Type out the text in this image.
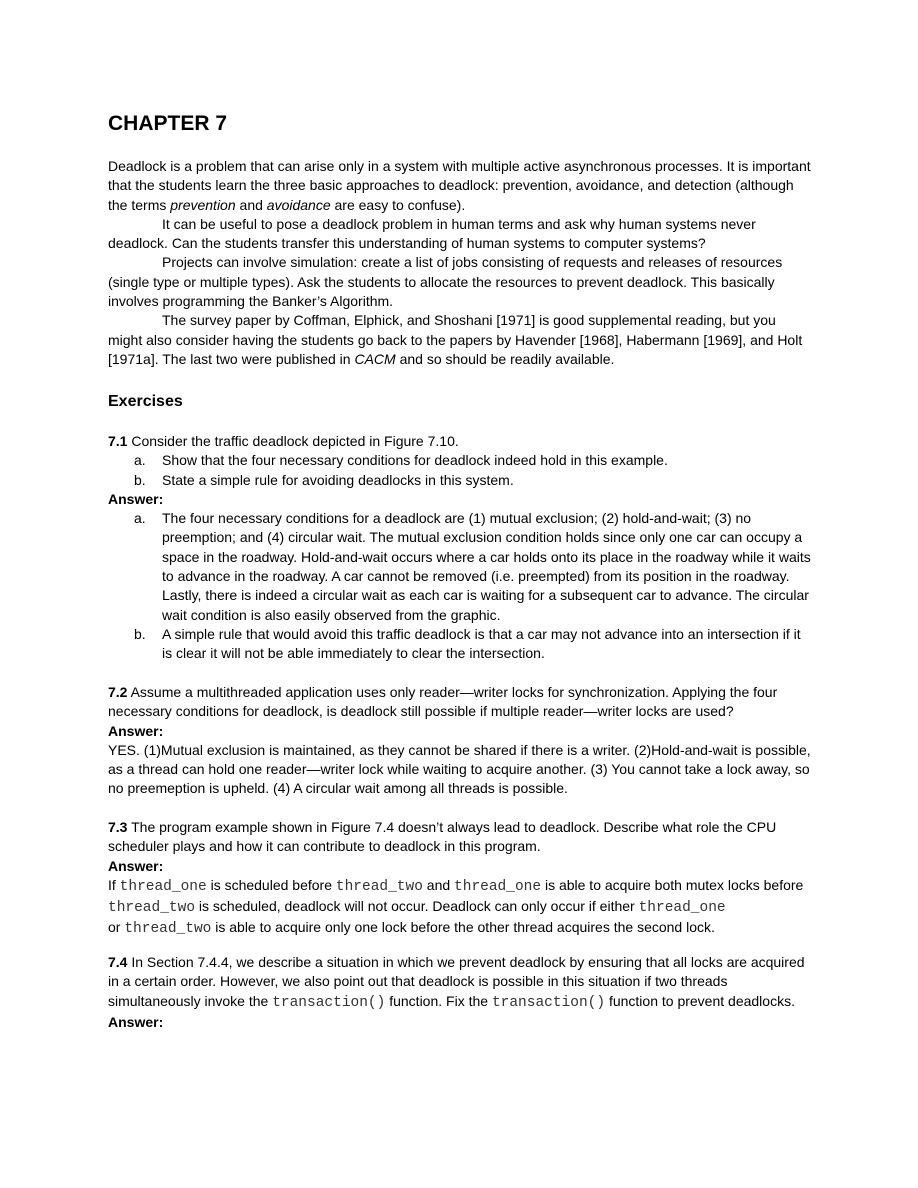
CHAPTER 7

Deadlock is a problem that can arise only in a system with multiple active asynchronous processes. It is important that the students learn the three basic approaches to deadlock: prevention, avoidance, and detection (although the terms prevention and avoidance are easy to confuse).

It can be useful to pose a deadlock problem in human terms and ask why human systems never deadlock. Can the students transfer this understanding of human systems to computer systems?

Projects can involve simulation: create a list of jobs consisting of requests and releases of resources (single type or multiple types). Ask the students to allocate the resources to prevent deadlock. This basically involves programming the Banker’s Algorithm.

The survey paper by Coffman, Elphick, and Shoshani [1971] is good supplemental reading, but you might also consider having the students go back to the papers by Havender [1968], Habermann [1969], and Holt [1971a]. The last two were published in CACM and so should be readily available.

Exercises

7.1 Consider the traffic deadlock depicted in Figure 7.10.

a. Show that the four necessary conditions for deadlock indeed hold in this example.
b. State a simple rule for avoiding deadlocks in this system.

Answer:

a. The four necessary conditions for a deadlock are (1) mutual exclusion; (2) hold-and-wait; (3) no preemption; and (4) circular wait. The mutual exclusion condition holds since only one car can occupy a space in the roadway. Hold-and-wait occurs where a car holds onto its place in the roadway while it waits to advance in the roadway. A car cannot be removed (i.e. preempted) from its position in the roadway. Lastly, there is indeed a circular wait as each car is waiting for a subsequent car to advance. The circular wait condition is also easily observed from the graphic.
b. A simple rule that would avoid this traffic deadlock is that a car may not advance into an intersection if it is clear it will not be able immediately to clear the intersection.

7.2 Assume a multithreaded application uses only reader—writer locks for synchronization. Applying the four necessary conditions for deadlock, is deadlock still possible if multiple reader—writer locks are used?

Answer:

YES. (1)Mutual exclusion is maintained, as they cannot be shared if there is a writer. (2)Hold-and-wait is possible, as a thread can hold one reader—writer lock while waiting to acquire another. (3) You cannot take a lock away, so no preemeption is upheld. (4) A circular wait among all threads is possible.

7.3 The program example shown in Figure 7.4 doesn’t always lead to deadlock. Describe what role the CPU scheduler plays and how it can contribute to deadlock in this program.

Answer:

If thread_one is scheduled before thread_two and thread_one is able to acquire both mutex locks before thread_two is scheduled, deadlock will not occur. Deadlock can only occur if either thread_one
or thread_two is able to acquire only one lock before the other thread acquires the second lock.

7.4 In Section 7.4.4, we describe a situation in which we prevent deadlock by ensuring that all locks are acquired in a certain order. However, we also point out that deadlock is possible in this situation if two threads simultaneously invoke the transaction() function. Fix the transaction() function to prevent deadlocks.

Answer:
